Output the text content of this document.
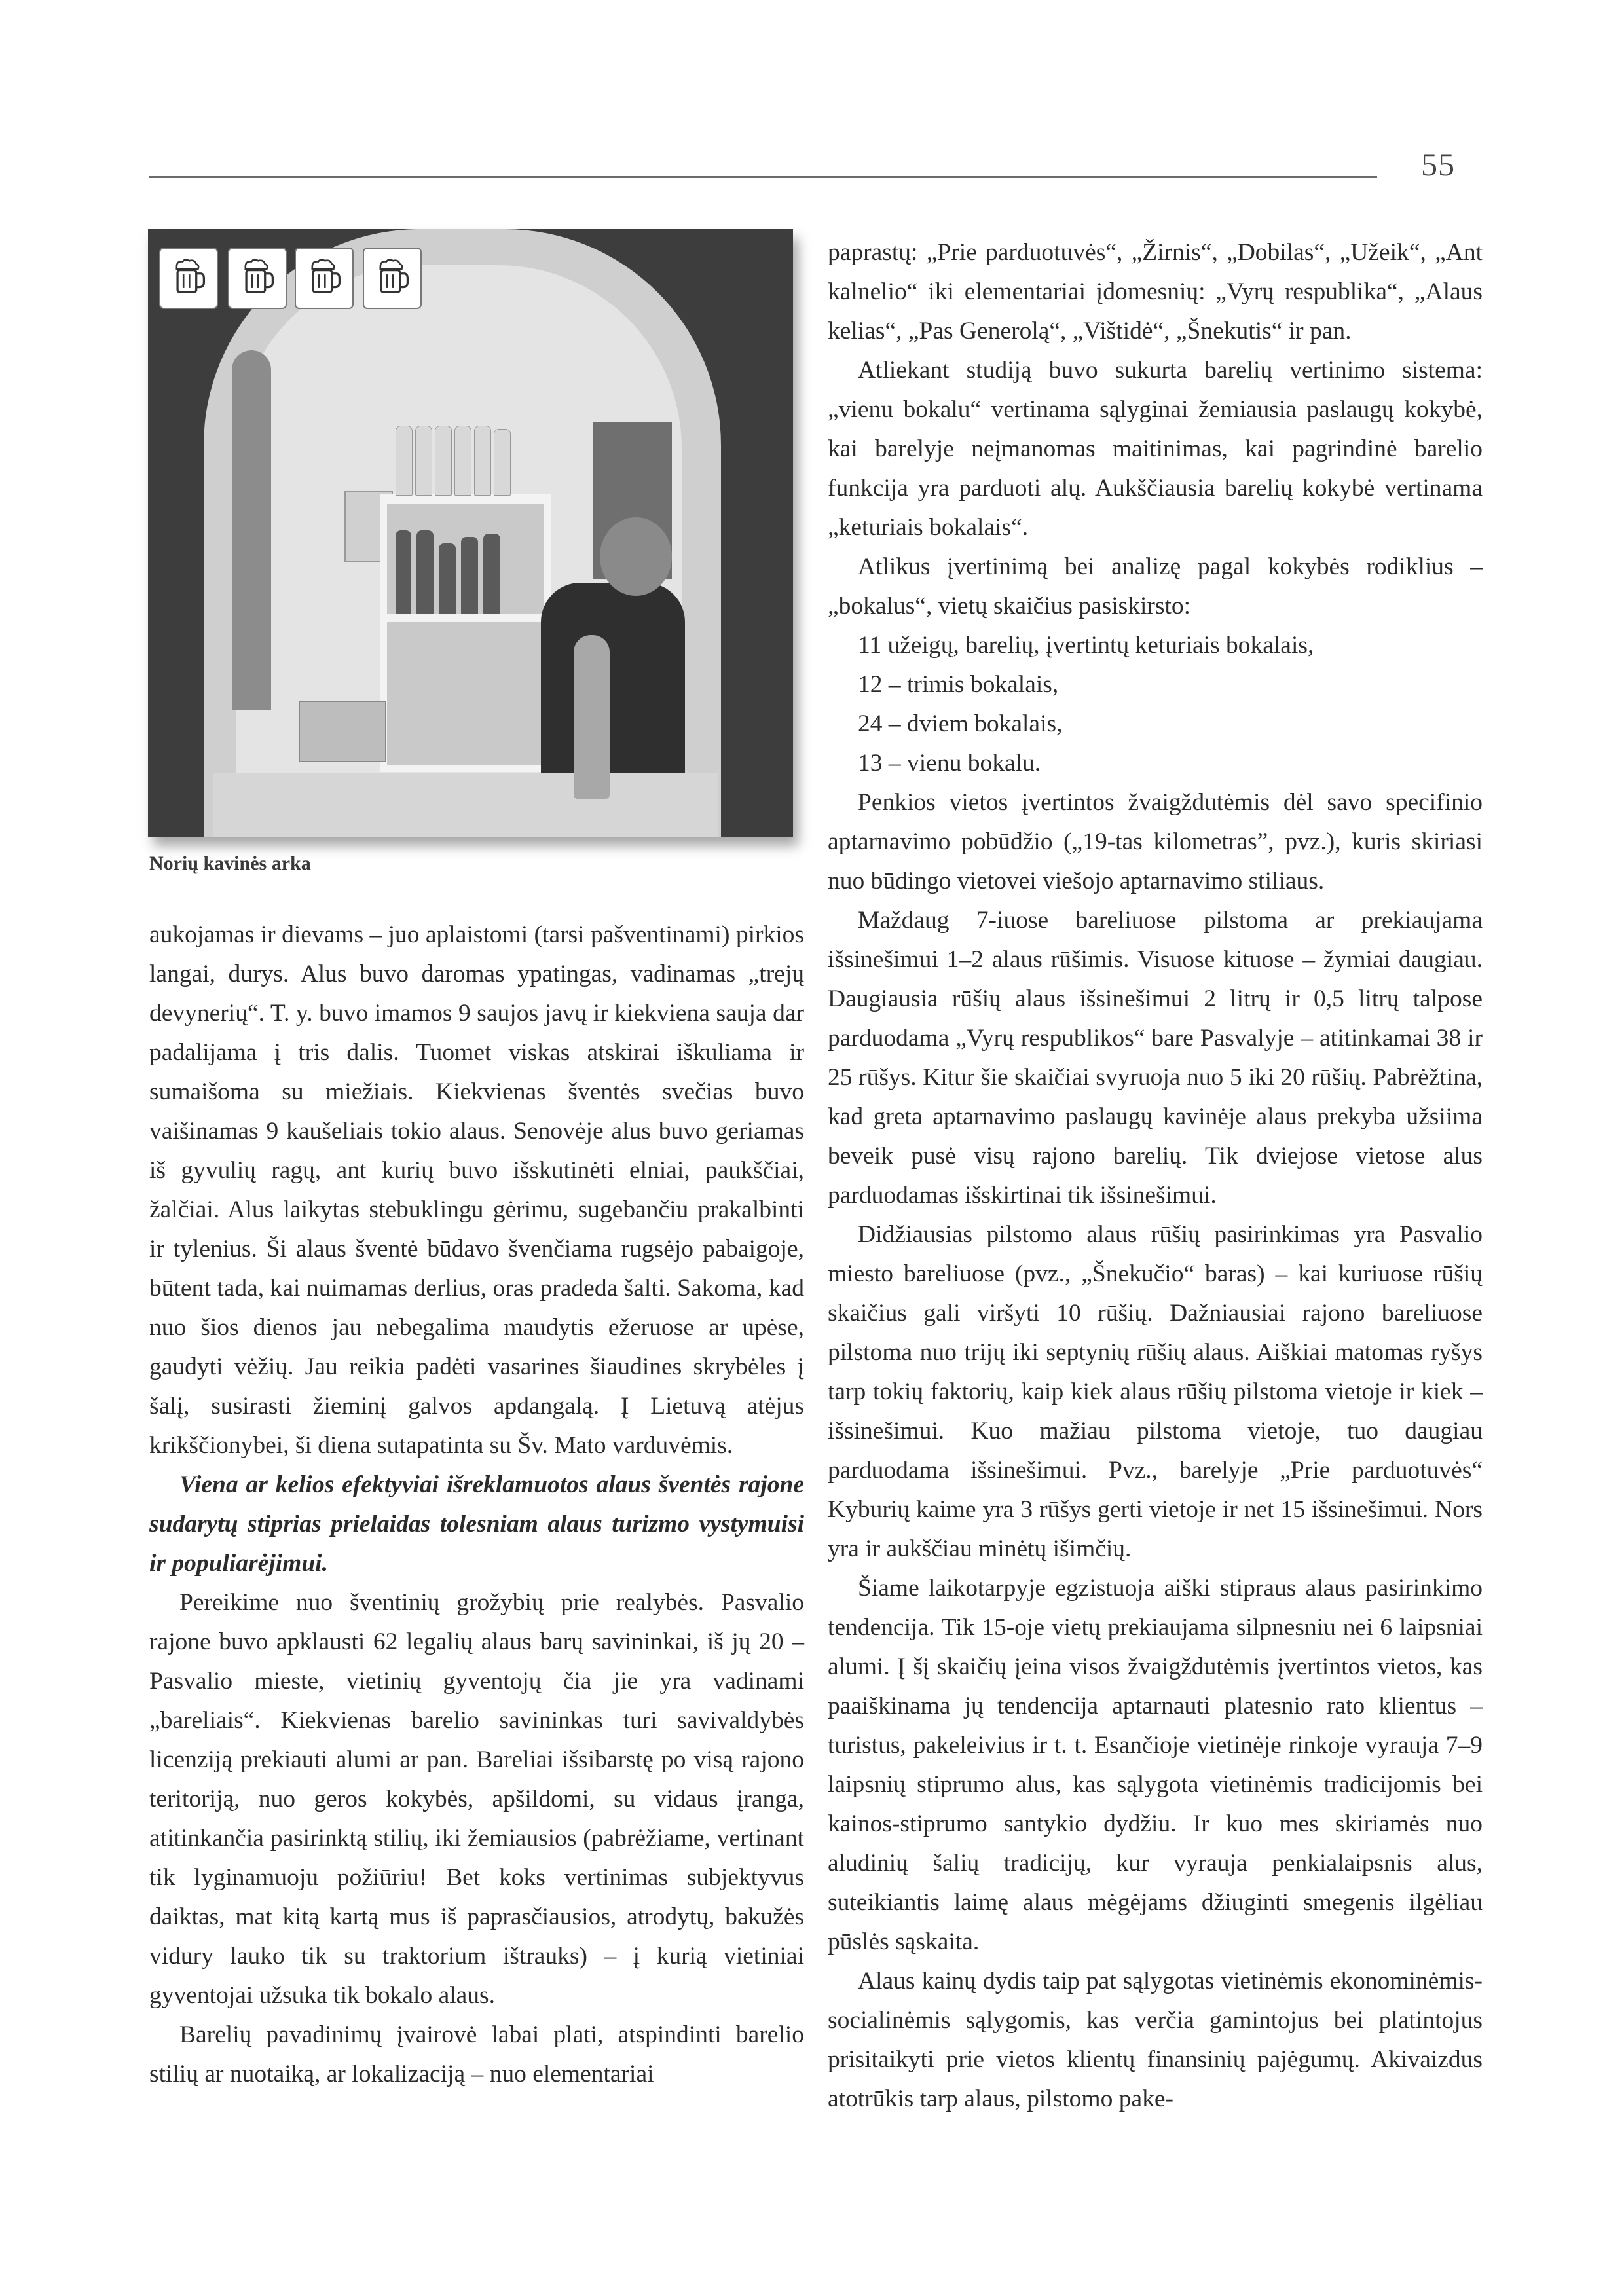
55
Norių kavinės arka

aukojamas ir dievams – juo aplaistomi (tarsi pašventinami) pirkios langai, durys. Alus buvo daromas ypatingas, vadinamas „trejų devynerių“. T. y. buvo imamos 9 saujos javų ir kiekviena sauja dar padalijama į tris dalis. Tuomet viskas atskirai iškuliama ir sumaišoma su miežiais. Kiekvienas šventės svečias buvo vaišinamas 9 kaušeliais tokio alaus. Senovėje alus buvo geriamas iš gyvulių ragų, ant kurių buvo išskutinėti elniai, paukščiai, žalčiai. Alus laikytas stebuklingu gėrimu, sugebančiu prakalbinti ir tylenius. Ši alaus šventė būdavo švenčiama rugsėjo pabaigoje, būtent tada, kai nuimamas derlius, oras pradeda šalti. Sakoma, kad nuo šios dienos jau nebegalima maudytis ežeruose ar upėse, gaudyti vėžių. Jau reikia padėti vasarines šiaudines skrybėles į šalį, susirasti žieminį galvos apdangalą. Į Lietuvą atėjus krikščionybei, ši diena sutapatinta su Šv. Mato varduvėmis.

Viena ar kelios efektyviai išreklamuotos alaus šventės rajone sudarytų stiprias prielaidas tolesniam alaus turizmo vystymuisi ir populiarėjimui.

Pereikime nuo šventinių grožybių prie realybės. Pasvalio rajone buvo apklausti 62 legalių alaus barų savininkai, iš jų 20 – Pasvalio mieste, vietinių gyventojų čia jie yra vadinami „bareliais“. Kiekvienas barelio savininkas turi savivaldybės licenziją prekiauti alumi ar pan. Bareliai išsibarstę po visą rajono teritoriją, nuo geros kokybės, apšildomi, su vidaus įranga, atitinkančia pasirinktą stilių, iki žemiausios (pabrėžiame, vertinant tik lyginamuoju požiūriu! Bet koks vertinimas subjektyvus daiktas, mat kitą kartą mus iš paprasčiausios, atrodytų, bakužės vidury lauko tik su traktorium ištrauks) – į kurią vietiniai gyventojai užsuka tik bokalo alaus.

Barelių pavadinimų įvairovė labai plati, atspindinti barelio stilių ar nuotaiką, ar lokalizaciją – nuo elementariai

paprastų: „Prie parduotuvės“, „Žirnis“, „Dobilas“, „Užeik“, „Ant kalnelio“ iki elementariai įdomesnių: „Vyrų respublika“, „Alaus kelias“, „Pas Generolą“, „Vištidė“, „Šnekutis“ ir pan.

Atliekant studiją buvo sukurta barelių vertinimo sistema: „vienu bokalu“ vertinama sąlyginai žemiausia paslaugų kokybė, kai barelyje neįmanomas maitinimas, kai pagrindinė barelio funkcija yra parduoti alų. Aukščiausia barelių kokybė vertinama „keturiais bokalais“.

Atlikus įvertinimą bei analizę pagal kokybės rodiklius – „bokalus“, vietų skaičius pasiskirsto:

11 užeigų, barelių, įvertintų keturiais bokalais,

12 – trimis bokalais,

24 – dviem bokalais,

13 – vienu bokalu.

Penkios vietos įvertintos žvaigždutėmis dėl savo specifinio aptarnavimo pobūdžio („19-tas kilometras”, pvz.), kuris skiriasi nuo būdingo vietovei viešojo aptarnavimo stiliaus.

Maždaug 7-iuose bareliuose pilstoma ar prekiaujama išsinešimui 1–2 alaus rūšimis. Visuose kituose – žymiai daugiau. Daugiausia rūšių alaus išsinešimui 2 litrų ir 0,5 litrų talpose parduodama „Vyrų respublikos“ bare Pasvalyje – atitinkamai 38 ir 25 rūšys. Kitur šie skaičiai svyruoja nuo 5 iki 20 rūšių. Pabrėžtina, kad greta aptarnavimo paslaugų kavinėje alaus prekyba užsiima beveik pusė visų rajono barelių. Tik dviejose vietose alus parduodamas išskirtinai tik išsinešimui.

Didžiausias pilstomo alaus rūšių pasirinkimas yra Pasvalio miesto bareliuose (pvz., „Šnekučio“ baras) – kai kuriuose rūšių skaičius gali viršyti 10 rūšių. Dažniausiai rajono bareliuose pilstoma nuo trijų iki septynių rūšių alaus. Aiškiai matomas ryšys tarp tokių faktorių, kaip kiek alaus rūšių pilstoma vietoje ir kiek – išsinešimui. Kuo mažiau pilstoma vietoje, tuo daugiau parduodama išsinešimui. Pvz., barelyje „Prie parduotuvės“ Kyburių kaime yra 3 rūšys gerti vietoje ir net 15 išsinešimui. Nors yra ir aukščiau minėtų išimčių.

Šiame laikotarpyje egzistuoja aiški stipraus alaus pasirinkimo tendencija. Tik 15-oje vietų prekiaujama silpnesniu nei 6 laipsniai alumi. Į šį skaičių įeina visos žvaigždutėmis įvertintos vietos, kas paaiškinama jų tendencija aptarnauti platesnio rato klientus – turistus, pakeleivius ir t. t. Esančioje vietinėje rinkoje vyrauja 7–9 laipsnių stiprumo alus, kas sąlygota vietinėmis tradicijomis bei kainos-stiprumo santykio dydžiu. Ir kuo mes skiriamės nuo aludinių šalių tradicijų, kur vyrauja penkialaipsnis alus, suteikiantis laimę alaus mėgėjams džiuginti smegenis ilgėliau pūslės sąskaita.

Alaus kainų dydis taip pat sąlygotas vietinėmis ekonominėmis-socialinėmis sąlygomis, kas verčia gamintojus bei platintojus prisitaikyti prie vietos klientų finansinių pajėgumų. Akivaizdus atotrūkis tarp alaus, pilstomo pake-
